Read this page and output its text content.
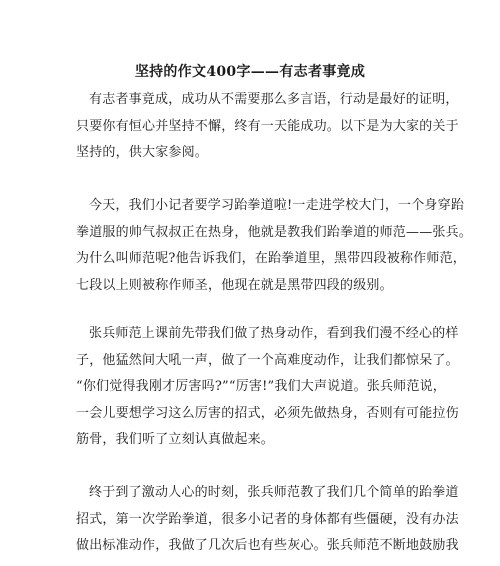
坚持的作文400字——有志者事竟成
有志者事竟成，成功从不需要那么多言语，行动是最好的证明，
只要你有恒心并坚持不懈，终有一天能成功。以下是为大家的关于
坚持的，供大家参阅。
今天，我们小记者要学习跆拳道啦!一走进学校大门，一个身穿跆
拳道服的帅气叔叔正在热身，他就是教我们跆拳道的师范——张兵。
为什么叫师范呢?他告诉我们，在跆拳道里，黑带四段被称作师范，
七段以上则被称作师圣，他现在就是黑带四段的级别。
张兵师范上课前先带我们做了热身动作，看到我们漫不经心的样
子，他猛然间大吼一声，做了一个高难度动作，让我们都惊呆了。
“你们觉得我刚才厉害吗?”“厉害!”我们大声说道。张兵师范说，
一会儿要想学习这么厉害的招式，必须先做热身，否则有可能拉伤
筋骨，我们听了立刻认真做起来。
终于到了激动人心的时刻，张兵师范教了我们几个简单的跆拳道
招式，第一次学跆拳道，很多小记者的身体都有些僵硬，没有办法
做出标准动作，我做了几次后也有些灰心。张兵师范不断地鼓励我
